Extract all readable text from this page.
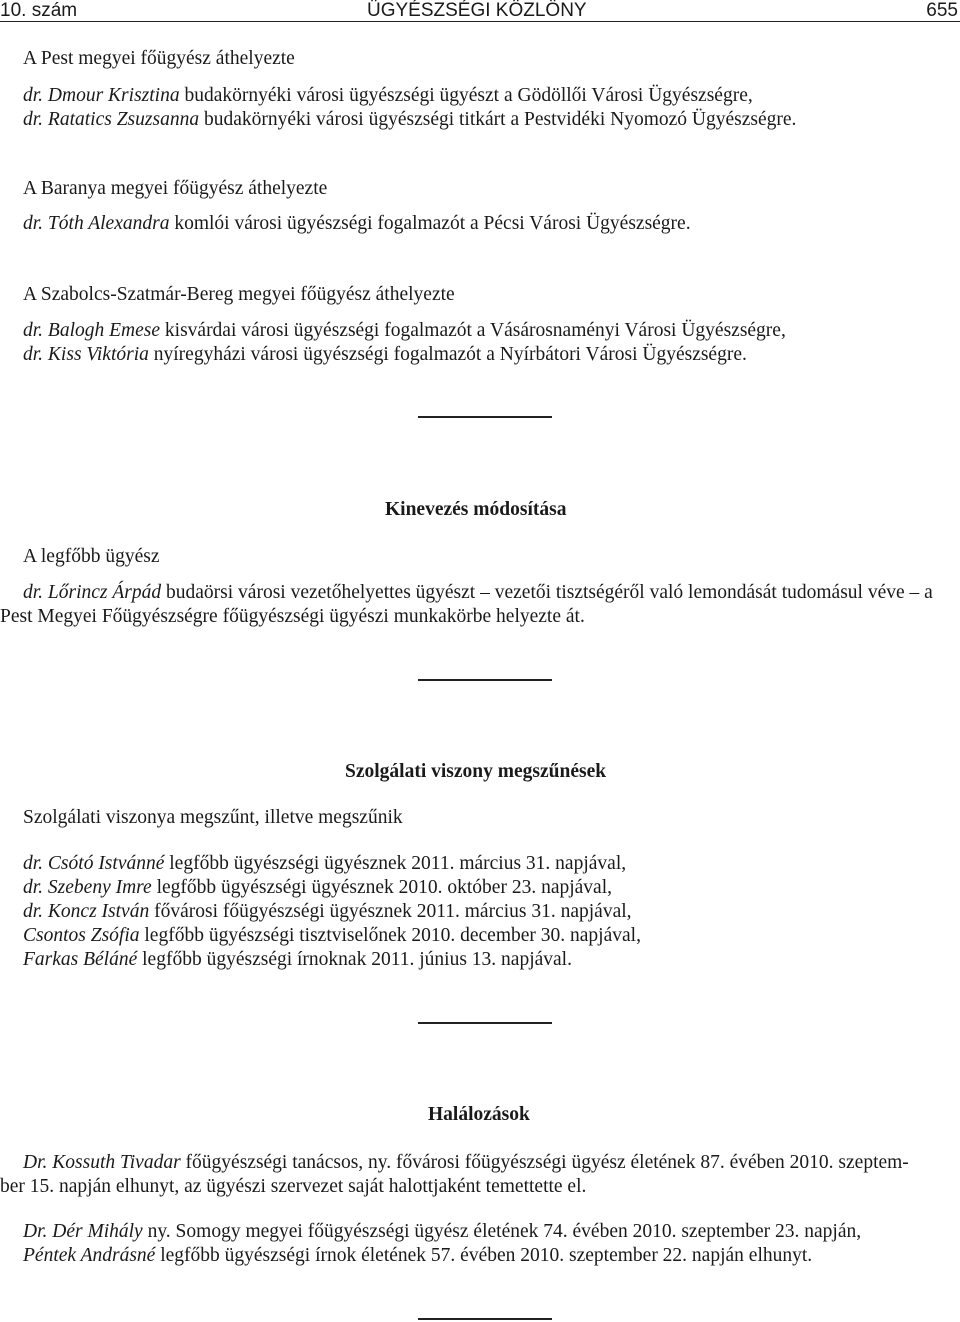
10. szám	ÜGYÉSZSÉGI KÖZLÖNY	655
A Pest megyei főügyész áthelyezte
dr. Dmour Krisztina budakörnyéki városi ügyészségi ügyészt a Gödöllői Városi Ügyészségre,
dr. Ratatics Zsuzsanna budakörnyéki városi ügyészségi titkárt a Pestvidéki Nyomozó Ügyészségre.
A Baranya megyei főügyész áthelyezte
dr. Tóth Alexandra komlói városi ügyészségi fogalmazót a Pécsi Városi Ügyészségre.
A Szabolcs-Szatmár-Bereg megyei főügyész áthelyezte
dr. Balogh Emese kisvárdai városi ügyészségi fogalmazót a Vásárosnaményi Városi Ügyészségre,
dr. Kiss Viktória nyíregyházi városi ügyészségi fogalmazót a Nyírbátori Városi Ügyészségre.
Kinevezés módosítása
A legfőbb ügyész
dr. Lőrincz Árpád budaörsi városi vezetőhelyettes ügyészt – vezetői tisztségéről való lemondását tudomásul véve – a
Pest Megyei Főügyészségre főügyészségi ügyészi munkakörbe helyezte át.
Szolgálati viszony megszűnések
Szolgálati viszonya megszűnt, illetve megszűnik
dr. Csótó Istvánné legfőbb ügyészségi ügyésznek 2011. március 31. napjával,
dr. Szebeny Imre legfőbb ügyészségi ügyésznek 2010. október 23. napjával,
dr. Koncz István fővárosi főügyészségi ügyésznek 2011. március 31. napjával,
Csontos Zsófia legfőbb ügyészségi tisztviselőnek 2010. december 30. napjával,
Farkas Béláné legfőbb ügyészségi írnoknak 2011. június 13. napjával.
Halálozások
Dr. Kossuth Tivadar főügyészségi tanácsos, ny. fővárosi főügyészségi ügyész életének 87. évében 2010. szeptem-
ber 15. napján elhunyt, az ügyészi szervezet saját halottjaként temettette el.
Dr. Dér Mihály ny. Somogy megyei főügyészségi ügyész életének 74. évében 2010. szeptember 23. napján,
Péntek Andrásné legfőbb ügyészségi írnok életének 57. évében 2010. szeptember 22. napján elhunyt.
